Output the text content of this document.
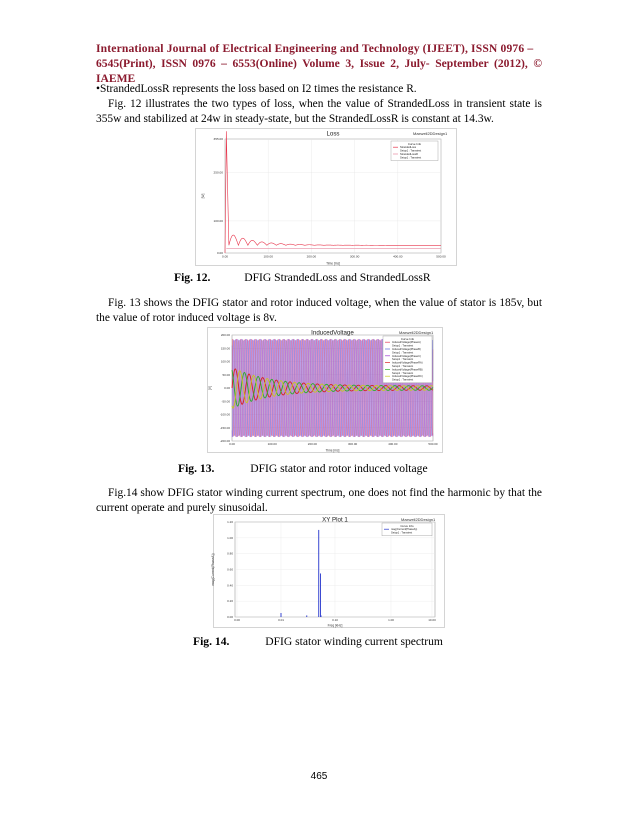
International Journal of Electrical Engineering and Technology (IJEET), ISSN 0976 –
6545(Print), ISSN 0976 – 6553(Online) Volume 3, Issue 2, July- September (2012), © IAEME
•StrandedLossR represents the loss based on I2 times the resistance R.
Fig. 12 illustrates the two types of loss, when the value of StrandedLoss in transient state is 355w and stabilized at 24w in steady-state, but the StrandedLossR is constant at 14.3w.
Loss	Maxwell2DDesign1
Time [ms]
[W]
0.00
100.00
250.00
355.00
0.00	100.00	200.00	300.00	400.00	500.00
Curve Info
StrandedLoss
Setup1 : Transient
StrandedLossR
Setup1 : Transient
Fig. 12.	DFIG StrandedLoss and StrandedLossR
Fig. 13 shows the DFIG stator and rotor induced voltage, when the value of stator is 185v, but the value of rotor induced voltage is 8v.
InducedVoltage	Maxwell2DDesign1
Time [ms]
[V]
200.00
150.00
100.00
50.00
0.00
-50.00
-100.00
-150.00
-200.00
0.00	100.00	200.00	300.00	400.00	500.00
Curve Info
InducedVoltage(PhaseA)
Setup1 : Transient
InducedVoltage(PhaseB)
Setup1 : Transient
InducedVoltage(PhaseC)
Setup1 : Transient
InducedVoltage(PhaseRA)
Setup1 : Transient
InducedVoltage(PhaseRB)
Setup1 : Transient
InducedVoltage(PhaseRC)
Setup1 : Transient
Fig. 13.	DFIG stator and rotor induced voltage
Fig.14 show DFIG stator winding current spectrum, one does not find the harmonic by that the current operate and purely sinusoidal.
XY Plot 1	Maxwell2DDesign1
Freq [kHz]
mag(Current(PhaseA))
1.20
1.00
0.80
0.60
0.40
0.20
0.00
0.00	0.01	0.10	1.00	10.00
Curve Info
mag(Current(PhaseA))
Setup1 : Transient
Fig. 14.	DFIG stator winding current spectrum
465
